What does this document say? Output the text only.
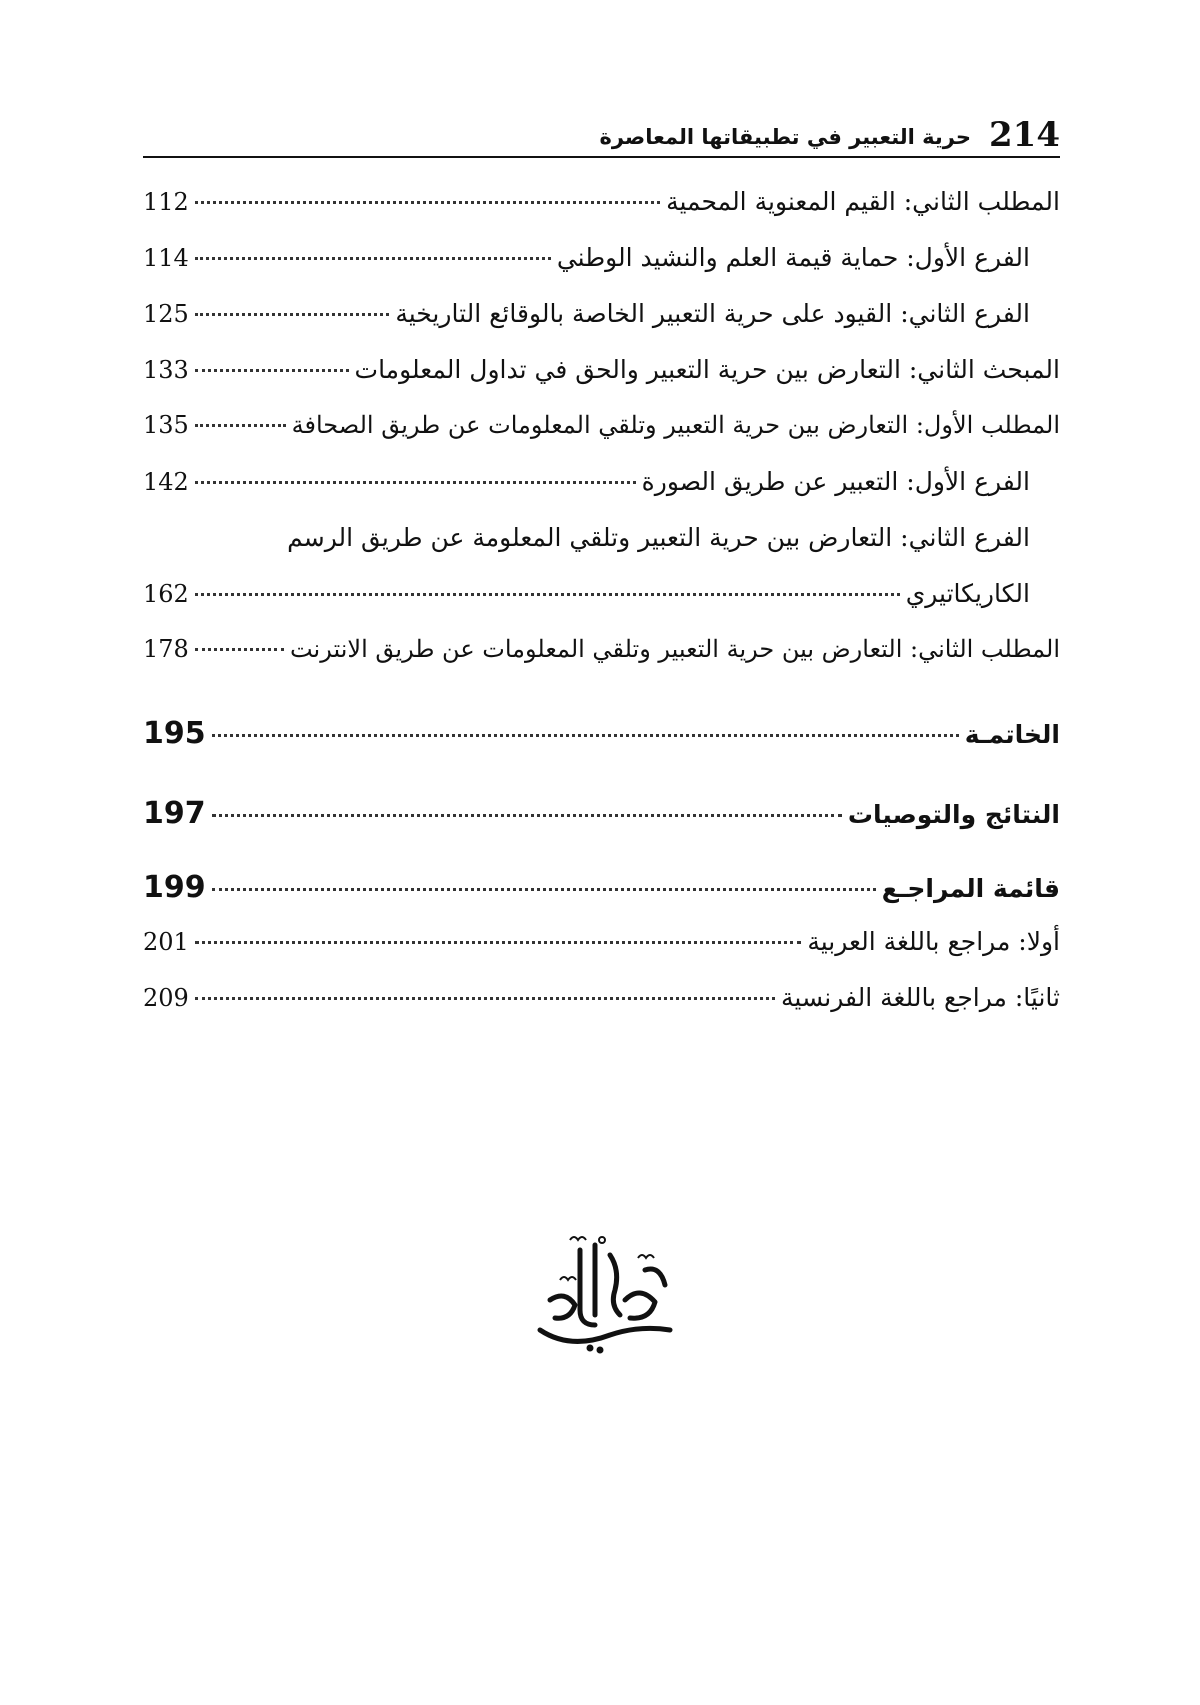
214
حرية التعبير في تطبيقاتها المعاصرة
المطلب الثاني: القيم المعنوية المحمية
112
الفرع الأول: حماية قيمة العلم والنشيد الوطني
114
الفرع الثاني: القيود على حرية التعبير الخاصة بالوقائع التاريخية
125
المبحث الثاني: التعارض بين حرية التعبير والحق في تداول المعلومات
133
المطلب الأول: التعارض بين حرية التعبير وتلقي المعلومات عن طريق الصحافة
135
الفرع الأول: التعبير عن طريق الصورة
142
الفرع الثاني: التعارض بين حرية التعبير وتلقي المعلومة عن طريق الرسم
الكاريكاتيري
162
المطلب الثاني: التعارض بين حرية التعبير وتلقي المعلومات عن طريق الانترنت
178
الخاتمـة
195
النتائج والتوصيات
197
قائمة المراجـع
199
أولا: مراجع باللغة العربية
201
ثانيًا: مراجع باللغة الفرنسية
209
